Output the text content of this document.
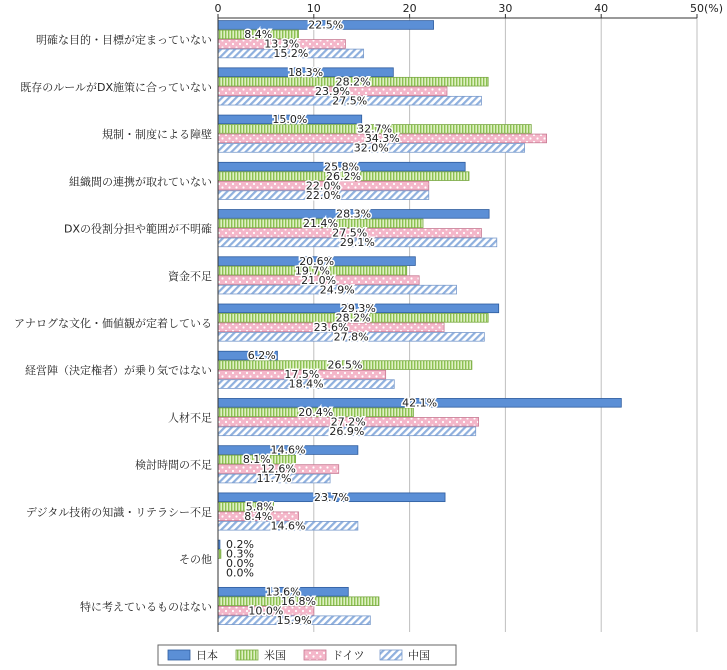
0	10	20	30	40	50 (%)
明確な目的・目標が定まっていない
既存のルールがDX施策に合っていない
規制・制度による障壁
組織間の連携が取れていない
DXの役割分担や範囲が不明確
資金不足
アナログな文化・価値観が定着している
経営陣（決定権者）が乗り気ではない
人材不足
検討時間の不足
デジタル技術の知識・リテラシー不足
その他
特に考えているものはない
22.5%
8.4%
13.3%
15.2%
18.3%
28.2%
23.9%
27.5%
15.0%
32.7%
34.3%
32.0%
25.8%
26.2%
22.0%
22.0%
28.3%
21.4%
27.5%
29.1%
20.6%
19.7%
21.0%
24.9%
29.3%
28.2%
23.6%
27.8%
6.2%
26.5%
17.5%
18.4%
42.1%
20.4%
27.2%
26.9%
14.6%
8.1%
12.6%
11.7%
23.7%
5.8%
8.4%
14.6%
0.2%
0.3%
0.0%
0.0%
13.6%
16.8%
10.0%
15.9%
日本	米国	ドイツ	中国
